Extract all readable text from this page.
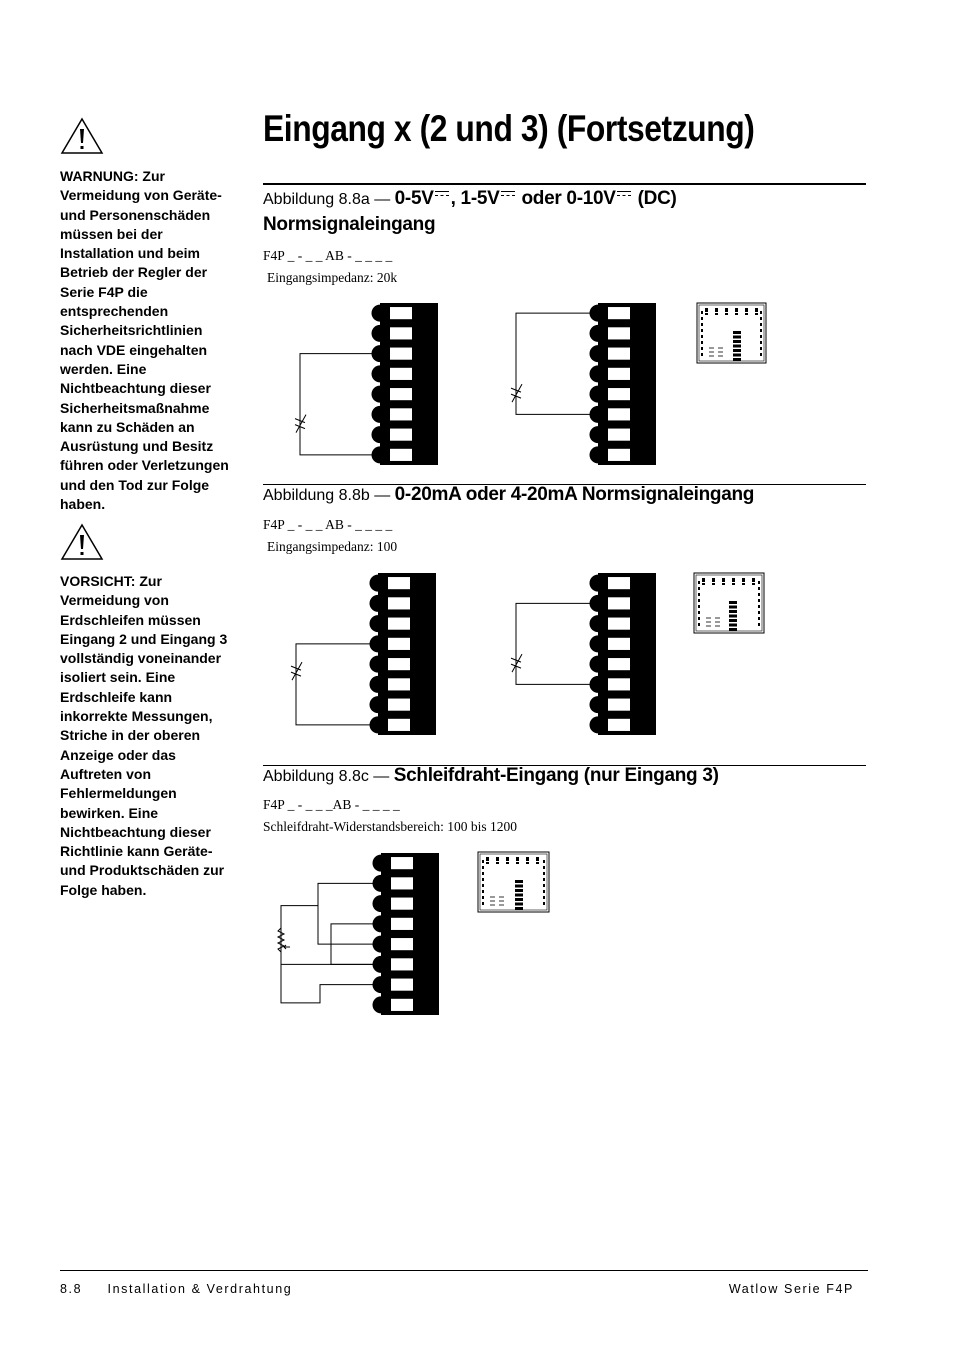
Eingang x (2 und 3) (Fortsetzung)
WARNUNG: Zur Vermeidung von Geräte- und Personenschäden müssen bei der Installation und beim Betrieb der Regler der Serie F4P die entsprechenden Sicherheitsrichtlinien nach VDE eingehalten werden. Eine Nichtbeachtung dieser Sicherheitsmaßnahme kann zu Schäden an Ausrüstung und Besitz führen oder Verletzungen und den Tod zur Folge haben.
VORSICHT: Zur Vermeidung von Erdschleifen müssen Eingang 2 und Eingang 3 vollständig voneinander isoliert sein. Eine Erdschleife kann inkorrekte Messungen, Striche in der oberen Anzeige oder das Auftreten von Fehlermeldungen bewirken. Eine Nichtbeachtung dieser Richtlinie kann Geräte- und Produktschäden zur Folge haben.
Abbildung 8.8a — 0-5V , 1-5V oder 0-10V (DC)
Normsignaleingang
F4P _ - _ _ AB - _ _ _ _
Eingangsimpedanz: 20k
Abbildung 8.8b — 0-20mA oder 4-20mA Normsignaleingang
F4P _ - _ _ AB - _ _ _ _
Eingangsimpedanz: 100
Abbildung 8.8c — Schleifdraht-Eingang (nur Eingang 3)
F4P _ - _ _ _AB - _ _ _ _
Schleifdraht-Widerstandsbereich: 100 bis 1200
8.8     Installation & Verdrahtung	Watlow Serie F4P
